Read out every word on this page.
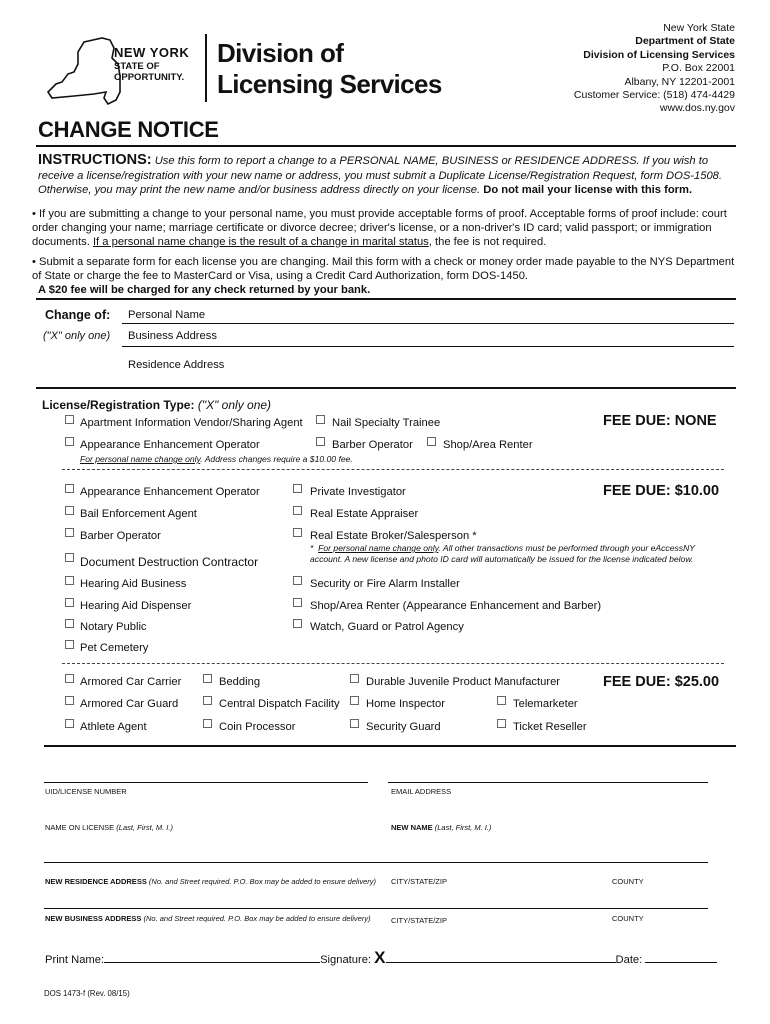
NEW YORK
STATE OF
OPPORTUNITY.
Division of
Licensing Services
New York State
Department of State
Division of Licensing Services
P.O. Box 22001
Albany, NY 12201-2001
Customer Service: (518) 474-4429
www.dos.ny.gov
CHANGE NOTICE
INSTRUCTIONS: Use this form to report a change to a PERSONAL NAME, BUSINESS or RESIDENCE ADDRESS. If you wish to receive a license/registration with your new name or address, you must submit a Duplicate License/Registration Request, form DOS-1508. Otherwise, you may print the new name and/or business address directly on your license. Do not mail your license with this form.
• If you are submitting a change to your personal name, you must provide acceptable forms of proof. Acceptable forms of proof include: court order changing your name; marriage certificate or divorce decree; driver's license, or a non-driver's ID card; valid passport; or immigration documents. If a personal name change is the result of a change in marital status, the fee is not required.
• Submit a separate form for each license you are changing. Mail this form with a check or money order made payable to the NYS Department of State or charge the fee to MasterCard or Visa, using a Credit Card Authorization, form DOS-1450.
A $20 fee will be charged for any check returned by your bank.
Change of:
("X" only one)
Personal Name
Business Address
Residence Address
License/Registration Type: ("X" only one)
FEE DUE: NONE
Apartment Information Vendor/Sharing Agent	Nail Specialty Trainee
Appearance Enhancement Operator	Barber Operator	Shop/Area Renter
For personal name change only. Address changes require a $10.00 fee.
FEE DUE: $10.00
Appearance Enhancement Operator
Bail Enforcement Agent
Barber Operator
Document Destruction Contractor
Hearing Aid Business
Hearing Aid Dispenser
Notary Public
Pet Cemetery
Private Investigator
Real Estate Appraiser
Real Estate Broker/Salesperson *
* For personal name change only. All other transactions must be performed through your eAccessNY
account. A new license and photo ID card will automatically be issued for the license indicated below.
Security or Fire Alarm Installer
Shop/Area Renter (Appearance Enhancement and Barber)
Watch, Guard or Patrol Agency
FEE DUE: $25.00
Armored Car Carrier
Armored Car Guard
Athlete Agent
Bedding
Central Dispatch Facility
Coin Processor
Durable Juvenile Product Manufacturer
Home Inspector
Security Guard
Telemarketer
Ticket Reseller
UID/LICENSE NUMBER	EMAIL ADDRESS
NAME ON LICENSE (Last, First, M. I.)	NEW NAME (Last, First, M. I.)
NEW RESIDENCE ADDRESS (No. and Street required. P.O. Box may be added to ensure delivery) CITY/STATE/ZIP	COUNTY
NEW BUSINESS ADDRESS (No. and Street required. P.O. Box may be added to ensure delivery)	CITY/STATE/ZIP	COUNTY
Print Name:	Signature: X	Date:
DOS 1473-f (Rev. 08/15)
